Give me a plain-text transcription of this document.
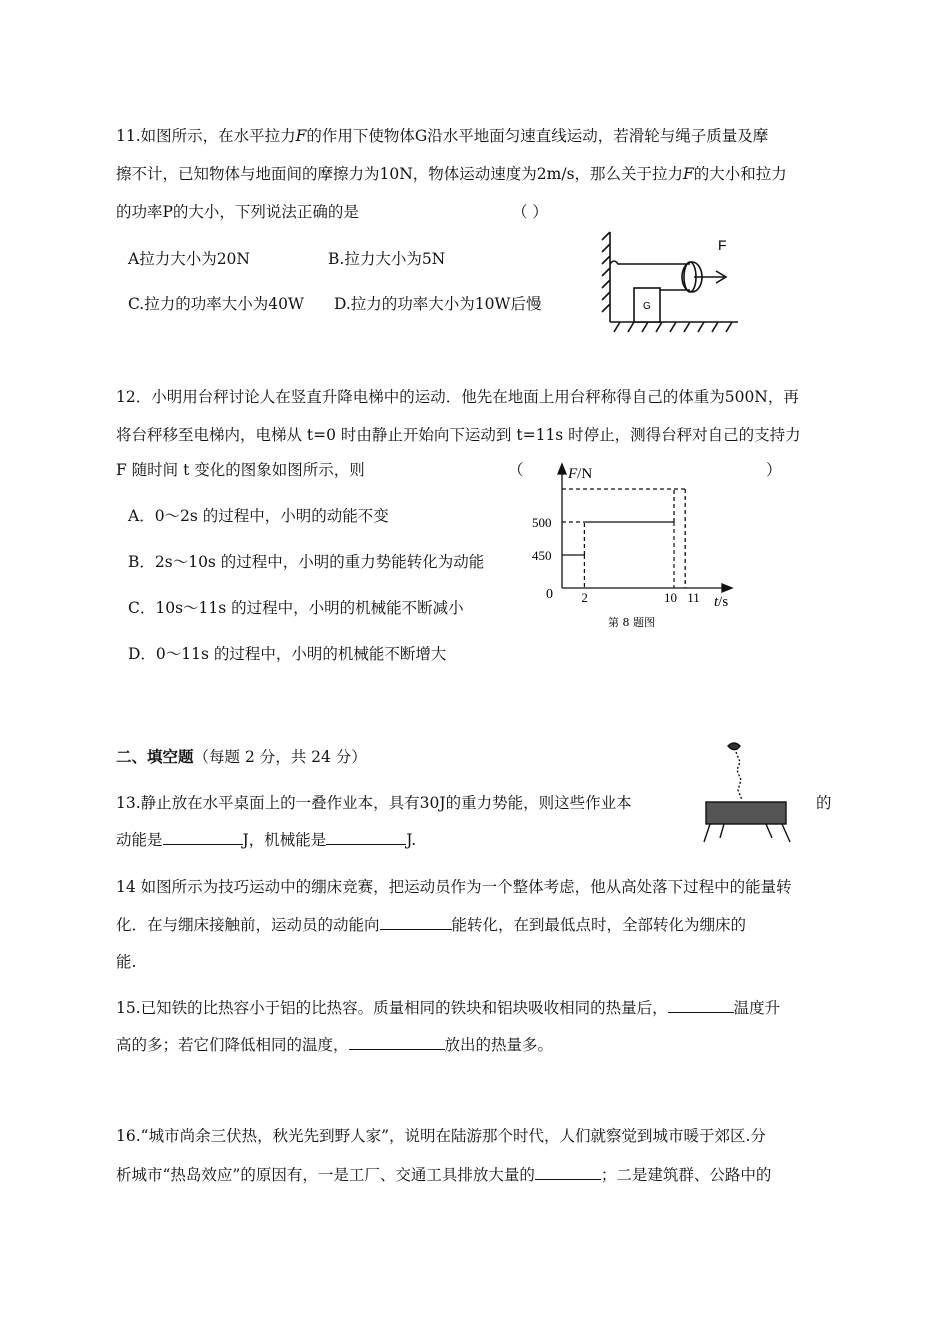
11.如图所示，在水平拉力F的作用下使物体G沿水平地面匀速直线运动，若滑轮与绳子质量及摩
擦不计，已知物体与地面间的摩擦力为10N，物体运动速度为2m/s，那么关于拉力F的大小和拉力
的功率P的大小，下列说法正确的是	（ ）
A拉力大小为20N	B.拉力大小为5N
C.拉力的功率大小为40W D.拉力的功率大小为10W后慢
F
G
12．小明用台秤讨论人在竖直升降电梯中的运动．他先在地面上用台秤称得自己的体重为500N，再
将台秤移至电梯内，电梯从 t=0 时由静止开始向下运动到 t=11s 时停止，测得台秤对自己的支持力
F 随时间 t 变化的图象如图所示，则	（	）
A．0～2s 的过程中，小明的动能不变
B．2s～10s 的过程中，小明的重力势能转化为动能
C．10s～11s 的过程中，小明的机械能不断减小
D．0～11s 的过程中，小明的机械能不断增大
450
500
2	10 11
F/N
t/s
0
第 8 题图
二、填空题（每题 2 分，共 24 分）
13.静止放在水平桌面上的一叠作业本，具有30J的重力势能，则这些作业本	的
动能是	J，机械能是	J.
14 如图所示为技巧运动中的绷床竞赛，把运动员作为一个整体考虑，他从高处落下过程中的能量转
化．在与绷床接触前，运动员的动能向	能转化，在到最低点时，全部转化为绷床的
能.
15.已知铁的比热容小于铝的比热容。质量相同的铁块和铝块吸收相同的热量后，	温度升
高的多；若它们降低相同的温度，	放出的热量多。
16.“城市尚余三伏热，秋光先到野人家”，说明在陆游那个时代，人们就察觉到城市暖于郊区.分
析城市“热岛效应”的原因有，一是工厂、交通工具排放大量的	；二是建筑群、公路中的
